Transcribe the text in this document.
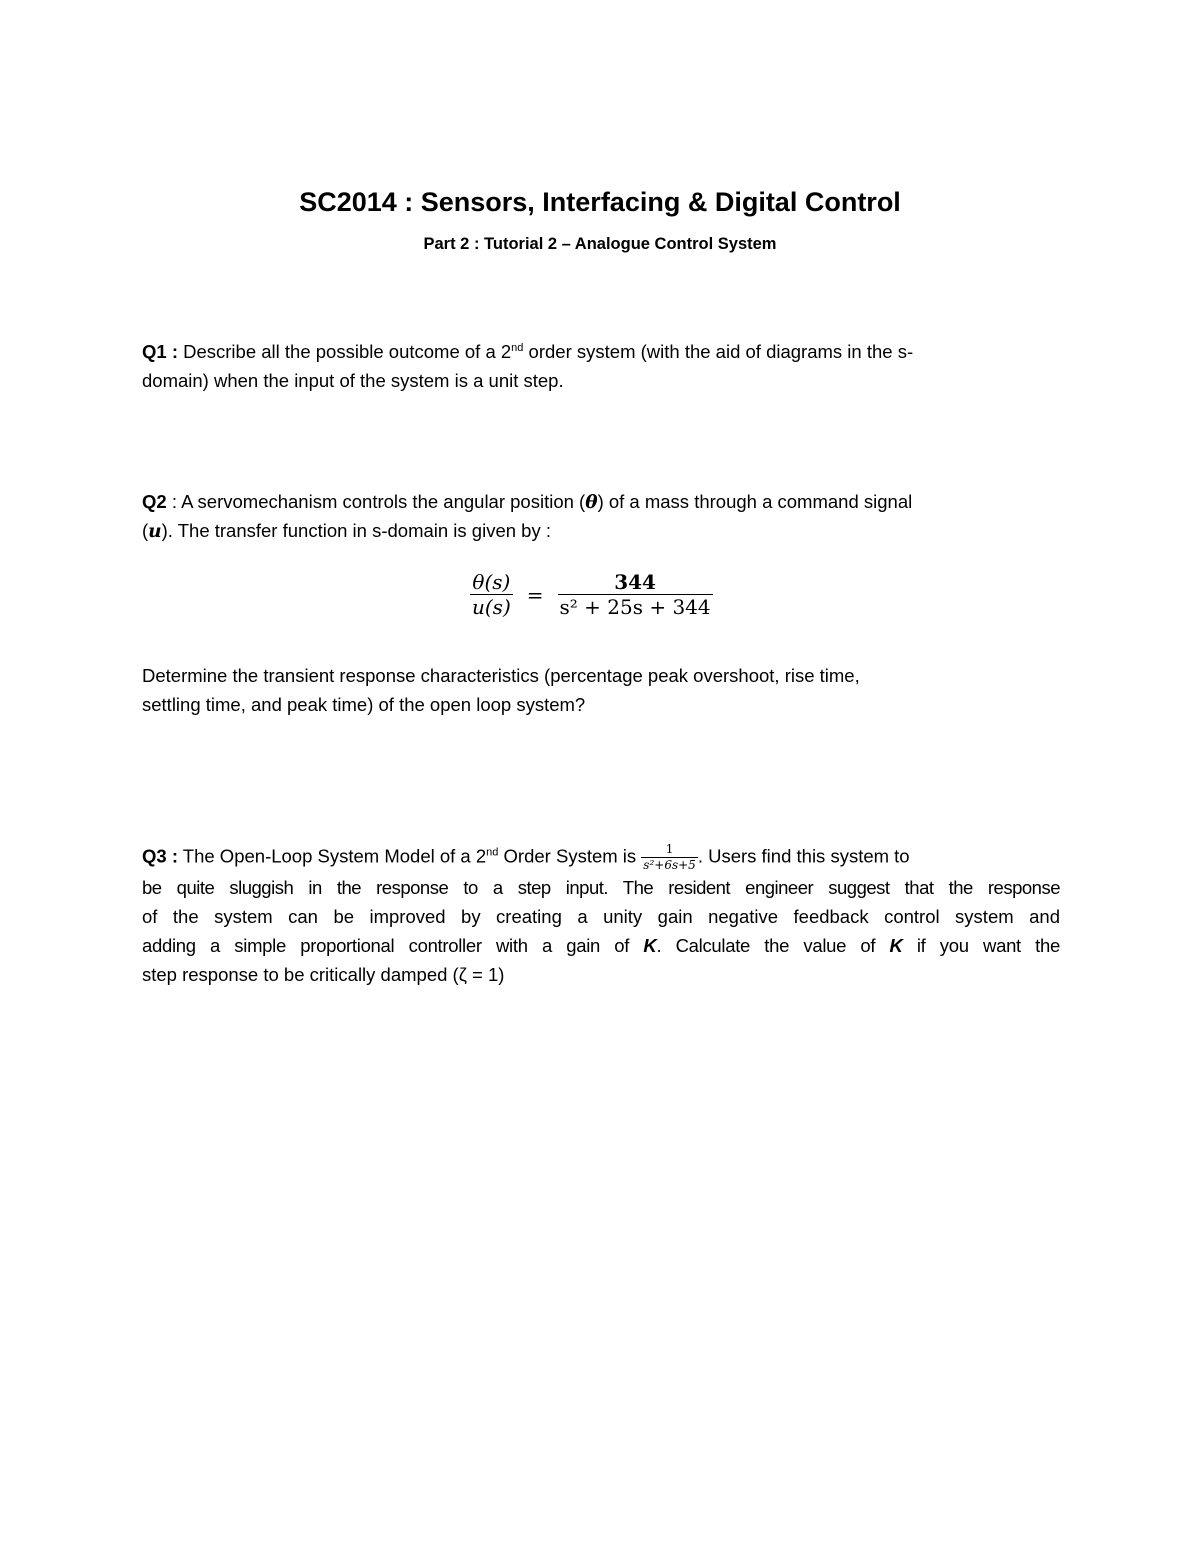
SC2014 : Sensors, Interfacing & Digital Control
Part 2 : Tutorial 2 – Analogue Control System
Q1 : Describe all the possible outcome of a 2nd order system (with the aid of diagrams in the s-
domain) when the input of the system is a unit step.
Q2 : A servomechanism controls the angular position (θ) of a mass through a command signal
(u). The transfer function in s-domain is given by :
$\frac{\theta(s)}{u(s)} = \frac{344}{\text{s² + 25s + 344}}$
Determine the transient response characteristics (percentage peak overshoot, rise time,
settling time, and peak time) of the open loop system?
Q3 : The Open-Loop System Model of a 2nd Order System is $\frac{1}{\text{s²+6s+5}}$ . Users find this system to
be quite sluggish in the response to a step input. The resident engineer suggest that the response
of the system can be improved by creating a unity gain negative feedback control system and
adding a simple proportional controller with a gain of K. Calculate the value of K if you want the
step response to be critically damped (ζ = 1)
